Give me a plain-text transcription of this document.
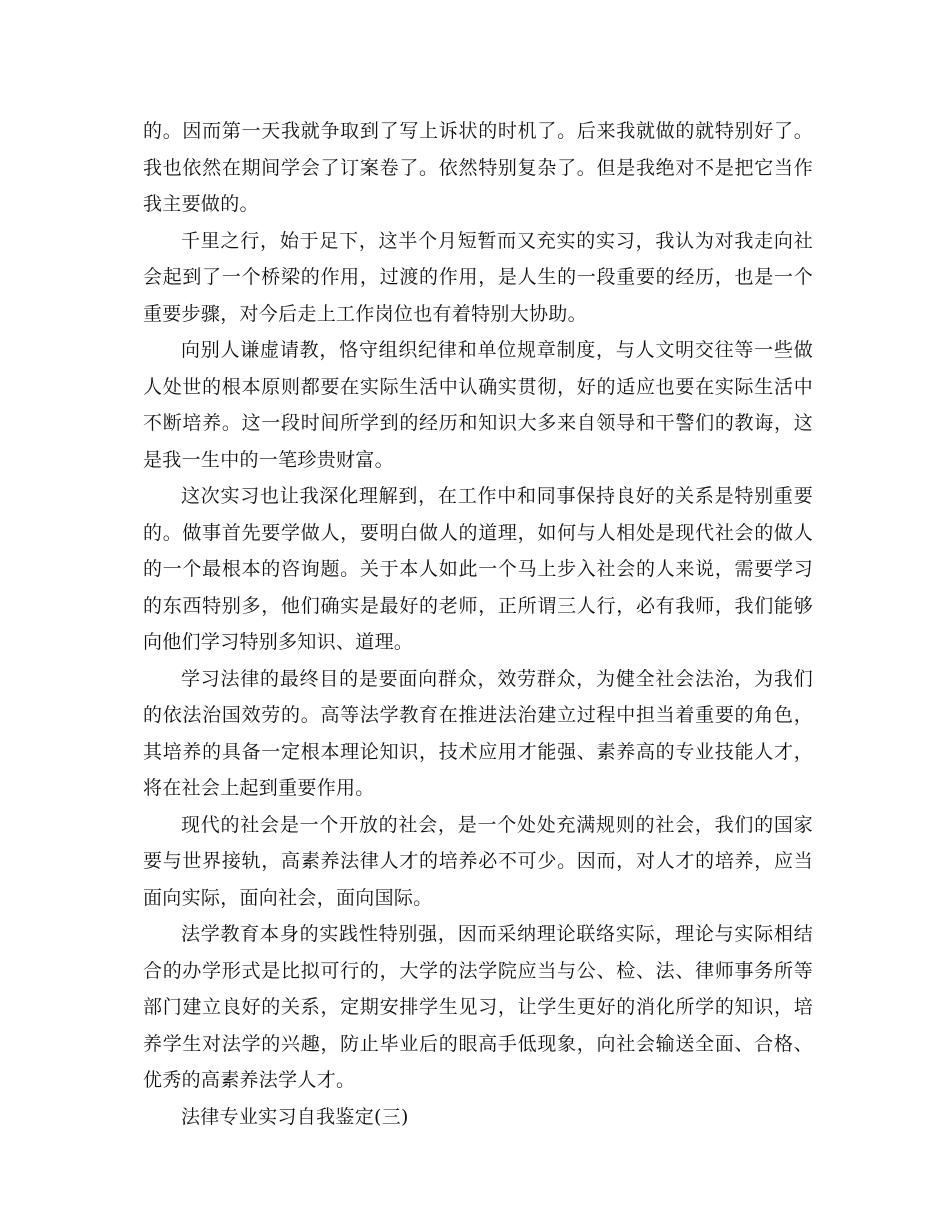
的。因而第一天我就争取到了写上诉状的时机了。后来我就做的就特别好了。我也依然在期间学会了订案卷了。依然特别复杂了。但是我绝对不是把它当作我主要做的。

千里之行，始于足下，这半个月短暂而又充实的实习，我认为对我走向社会起到了一个桥梁的作用，过渡的作用，是人生的一段重要的经历，也是一个重要步骤，对今后走上工作岗位也有着特别大协助。

向别人谦虚请教，恪守组织纪律和单位规章制度，与人文明交往等一些做人处世的根本原则都要在实际生活中认确实贯彻，好的适应也要在实际生活中不断培养。这一段时间所学到的经历和知识大多来自领导和干警们的教诲，这是我一生中的一笔珍贵财富。

这次实习也让我深化理解到，在工作中和同事保持良好的关系是特别重要的。做事首先要学做人，要明白做人的道理，如何与人相处是现代社会的做人的一个最根本的咨询题。关于本人如此一个马上步入社会的人来说，需要学习的东西特别多，他们确实是最好的老师，正所谓三人行，必有我师，我们能够向他们学习特别多知识、道理。

学习法律的最终目的是要面向群众，效劳群众，为健全社会法治，为我们的依法治国效劳的。高等法学教育在推进法治建立过程中担当着重要的角色，其培养的具备一定根本理论知识，技术应用才能强、素养高的专业技能人才，将在社会上起到重要作用。

现代的社会是一个开放的社会，是一个处处充满规则的社会，我们的国家要与世界接轨，高素养法律人才的培养必不可少。因而，对人才的培养，应当面向实际，面向社会，面向国际。

法学教育本身的实践性特别强，因而采纳理论联络实际，理论与实际相结合的办学形式是比拟可行的，大学的法学院应当与公、检、法、律师事务所等部门建立良好的关系，定期安排学生见习，让学生更好的消化所学的知识，培养学生对法学的兴趣，防止毕业后的眼高手低现象，向社会输送全面、合格、优秀的高素养法学人才。

法律专业实习自我鉴定(三)
